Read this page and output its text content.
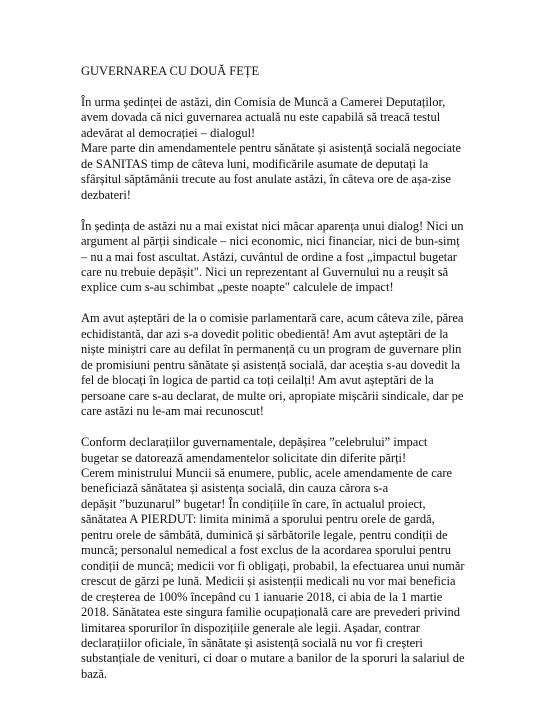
GUVERNAREA CU DOUĂ FEȚE
În urma ședinței de astăzi, din Comisia de Muncă a Camerei Deputaților,
avem dovada că nici guvernarea actuală nu este capabilă să treacă testul
adevărat al democrației – dialogul!
Mare parte din amendamentele pentru sănătate și asistență socială negociate
de SANITAS timp de câteva luni, modificările asumate de deputați la
sfârșitul săptămânii trecute au fost anulate astăzi, în câteva ore de așa-zise
dezbateri!
În ședința de astăzi nu a mai existat nici măcar aparența unui dialog! Nici un
argument al părții sindicale – nici economic, nici financiar, nici de bun-simț
– nu a mai fost ascultat. Astăzi, cuvântul de ordine a fost „impactul bugetar
care nu trebuie depășit". Nici un reprezentant al Guvernului nu a reușit să
explice cum s-au schimbat „peste noapte" calculele de impact!
Am avut așteptări de la o comisie parlamentară care, acum câteva zile, părea
echidistantă, dar azi s-a dovedit politic obedientă! Am avut așteptări de la
niște miniștri care au defilat în permanență cu un program de guvernare plin
de promisiuni pentru sănătate și asistență socială, dar aceștia s-au dovedit la
fel de blocați în logica de partid ca toți ceilalți! Am avut așteptări de la
persoane care s-au declarat, de multe ori, apropiate mișcării sindicale, dar pe
care astăzi nu le-am mai recunoscut!
Conform declarațiilor guvernamentale, depășirea ”celebrului” impact
bugetar se datorează amendamentelor solicitate din diferite părți!
Cerem ministrului Muncii să enumere, public, acele amendamente de care
beneficiază sănătatea și asistența socială, din cauza cărora s-a
depășit ”buzunarul” bugetar! În condițiile în care, în actualul proiect,
sănătatea A PIERDUT: limita minimă a sporului pentru orele de gardă,
pentru orele de sâmbătă, duminică și sărbătorile legale, pentru condiții de
muncă; personalul nemedical a fost exclus de la acordarea sporului pentru
condiții de muncă; medicii vor fi obligați, probabil, la efectuarea unui număr
crescut de gărzi pe lună. Medicii și asistenții medicali nu vor mai beneficia
de creșterea de 100% începând cu 1 ianuarie 2018, ci abia de la 1 martie
2018. Sănătatea este singura familie ocupațională care are prevederi privind
limitarea sporurilor în dispozițiile generale ale legii. Așadar, contrar
declarațiilor oficiale, în sănătate și asistență socială nu vor fi creșteri
substanțiale de venituri, ci doar o mutare a banilor de la sporuri la salariul de
bază.
